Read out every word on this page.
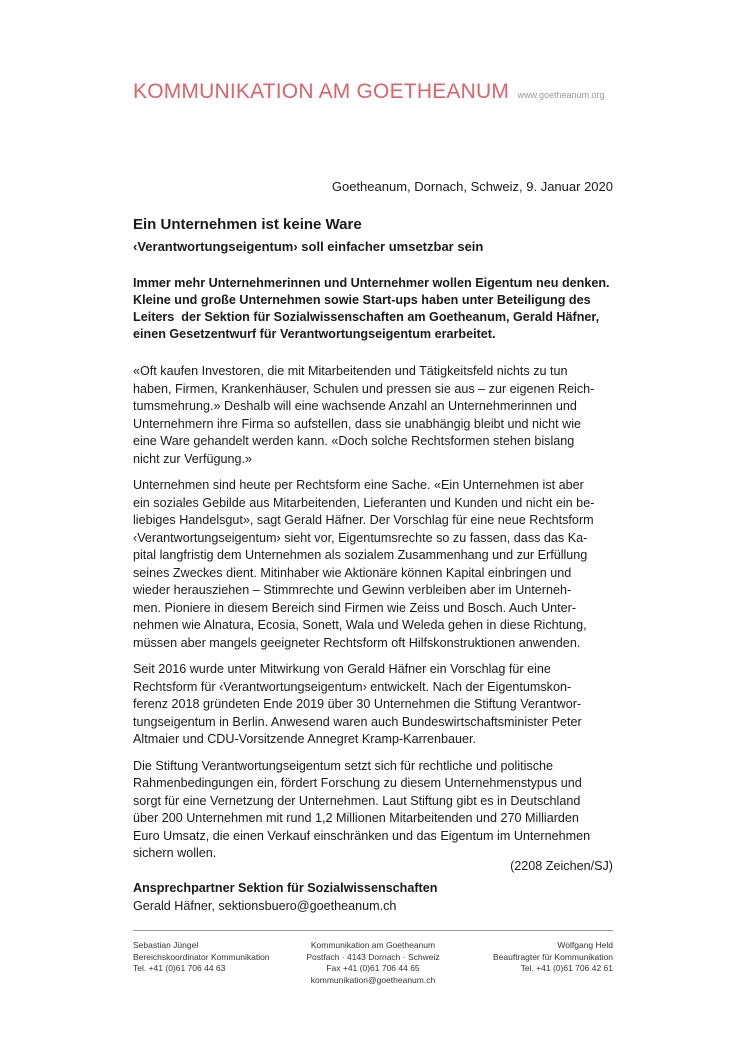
KOMMUNIKATION AM GOETHEANUM www.goetheanum.org
Goetheanum, Dornach, Schweiz, 9. Januar 2020
Ein Unternehmen ist keine Ware
‹Verantwortungseigentum› soll einfacher umsetzbar sein
Immer mehr Unternehmerinnen und Unternehmer wollen Eigentum neu denken.
Kleine und große Unternehmen sowie Start-ups haben unter Beteiligung des
Leiters  der Sektion für Sozialwissenschaften am Goetheanum, Gerald Häfner,
einen Gesetzentwurf für Verantwortungseigentum erarbeitet.

«Oft kaufen Investoren, die mit Mitarbeitenden und Tätigkeitsfeld nichts zu tun
haben, Firmen, Krankenhäuser, Schulen und pressen sie aus – zur eigenen Reich-
tumsmehrung.» Deshalb will eine wachsende Anzahl an Unternehmerinnen und
Unternehmern ihre Firma so aufstellen, dass sie unabhängig bleibt und nicht wie
eine Ware gehandelt werden kann. «Doch solche Rechtsformen stehen bislang
nicht zur Verfügung.»

Unternehmen sind heute per Rechtsform eine Sache. «Ein Unternehmen ist aber
ein soziales Gebilde aus Mitarbeitenden, Lieferanten und Kunden und nicht ein be-
liebiges Handelsgut», sagt Gerald Häfner. Der Vorschlag für eine neue Rechtsform
‹Verantwortungseigentum› sieht vor, Eigentumsrechte so zu fassen, dass das Ka-
pital langfristig dem Unternehmen als sozialem Zusammenhang und zur Erfüllung
seines Zweckes dient. Mitinhaber wie Aktionäre können Kapital einbringen und
wieder herausziehen – Stimmrechte und Gewinn verbleiben aber im Unterneh-
men. Pioniere in diesem Bereich sind Firmen wie Zeiss und Bosch. Auch Unter-
nehmen wie Alnatura, Ecosia, Sonett, Wala und Weleda gehen in diese Richtung,
müssen aber mangels geeigneter Rechtsform oft Hilfskonstruktionen anwenden.

Seit 2016 wurde unter Mitwirkung von Gerald Häfner ein Vorschlag für eine
Rechtsform für ‹Verantwortungseigentum› entwickelt. Nach der Eigentumskon-
ferenz 2018 gründeten Ende 2019 über 30 Unternehmen die Stiftung Verantwor-
tungseigentum in Berlin. Anwesend waren auch Bundeswirtschaftsminister Peter
Altmaier und CDU-Vorsitzende Annegret Kramp-Karrenbauer.

Die Stiftung Verantwortungseigentum setzt sich für rechtliche und politische
Rahmenbedingungen ein, fördert Forschung zu diesem Unternehmenstypus und
sorgt für eine Vernetzung der Unternehmen. Laut Stiftung gibt es in Deutschland
über 200 Unternehmen mit rund 1,2 Millionen Mitarbeitenden und 270 Milliarden
Euro Umsatz, die einen Verkauf einschränken und das Eigentum im Unternehmen
sichern wollen.

(2208 Zeichen/SJ)
Ansprechpartner Sektion für Sozialwissenschaften
Gerald Häfner, sektionsbuero@goetheanum.ch
Sebastian Jüngel
Bereichskoordinator Kommunikation
Tel. +41 (0)61 706 44 63
Kommunikation am Goetheanum
Postfach · 4143 Dornach · Schweiz
Fax +41 (0)61 706 44 65
kommunikation@goetheanum.ch
Wolfgang Held
Beauftragter für Kommunikation
Tel. +41 (0)61 706 42 61
